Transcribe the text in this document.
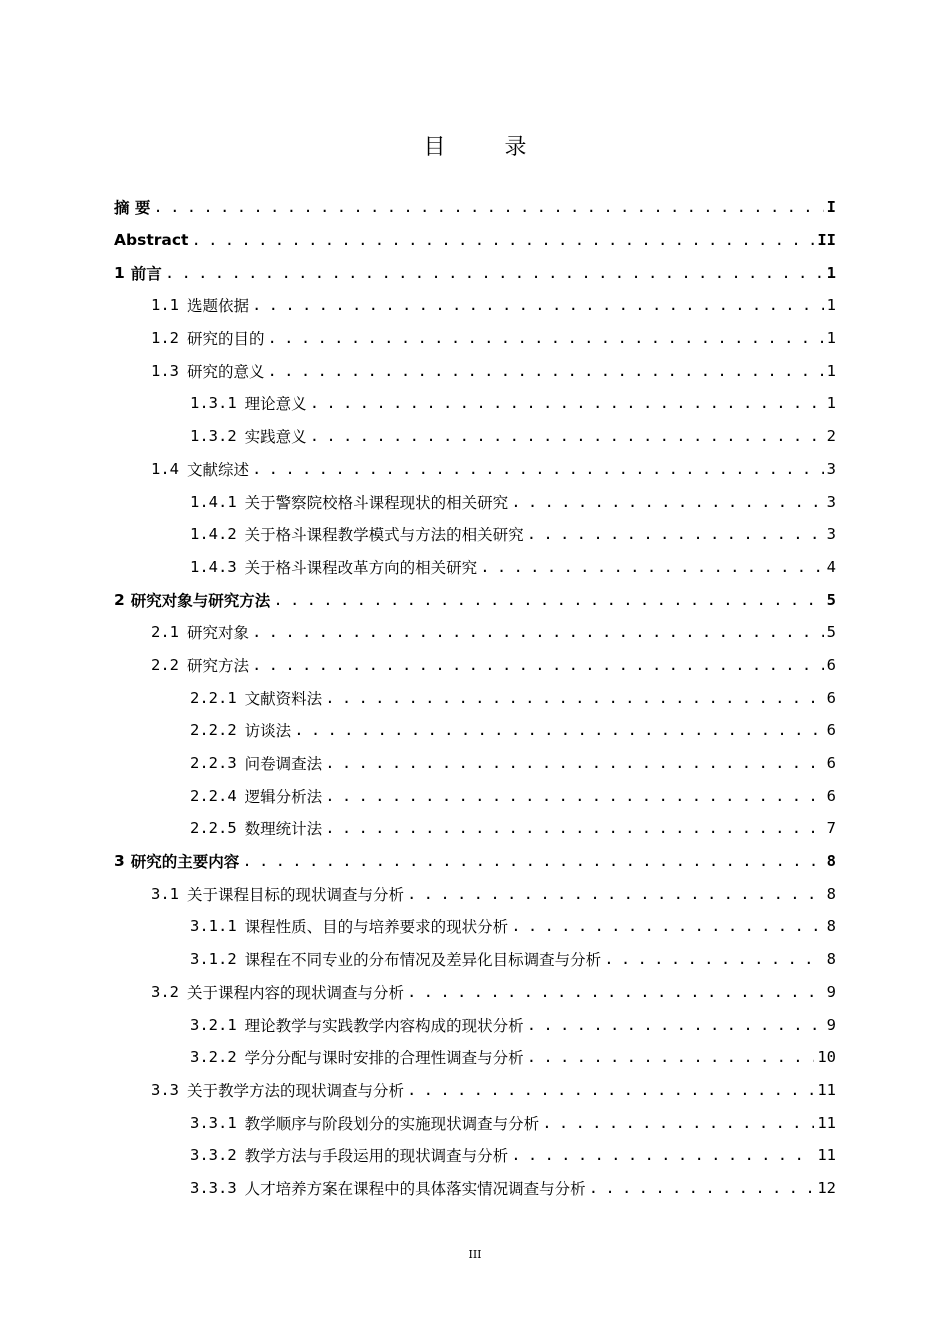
目 录
摘 要 . . .	I
Abstract . . .	II
1 前言 . . .	1
1.1 选题依据 . . .	1
1.2 研究的目的 . . .	1
1.3 研究的意义 . . .	1
1.3.1 理论意义 . . .	1
1.3.2 实践意义 . . .	2
1.4 文献综述 . . .	3
1.4.1 关于警察院校格斗课程现状的相关研究 . . .	3
1.4.2 关于格斗课程教学模式与方法的相关研究 . . .	3
1.4.3 关于格斗课程改革方向的相关研究 . . .	4
2 研究对象与研究方法 . . .	5
2.1 研究对象 . . .	5
2.2 研究方法 . . .	6
2.2.1 文献资料法 . . .	6
2.2.2 访谈法 . . .	6
2.2.3 问卷调查法 . . .	6
2.2.4 逻辑分析法 . . .	6
2.2.5 数理统计法 . . .	7
3 研究的主要内容 . . .	8
3.1 关于课程目标的现状调查与分析 . . .	8
3.1.1 课程性质、目的与培养要求的现状分析 . . .	8
3.1.2 课程在不同专业的分布情况及差异化目标调查与分析 . . .	8
3.2 关于课程内容的现状调查与分析 . . .	9
3.2.1 理论教学与实践教学内容构成的现状分析 . . .	9
3.2.2 学分分配与课时安排的合理性调查与分析 . . .	10
3.3 关于教学方法的现状调查与分析 . . .	11
3.3.1 教学顺序与阶段划分的实施现状调查与分析 . . .	11
3.3.2 教学方法与手段运用的现状调查与分析 . . .	11
3.3.3 人才培养方案在课程中的具体落实情况调查与分析 . . .	12
III
